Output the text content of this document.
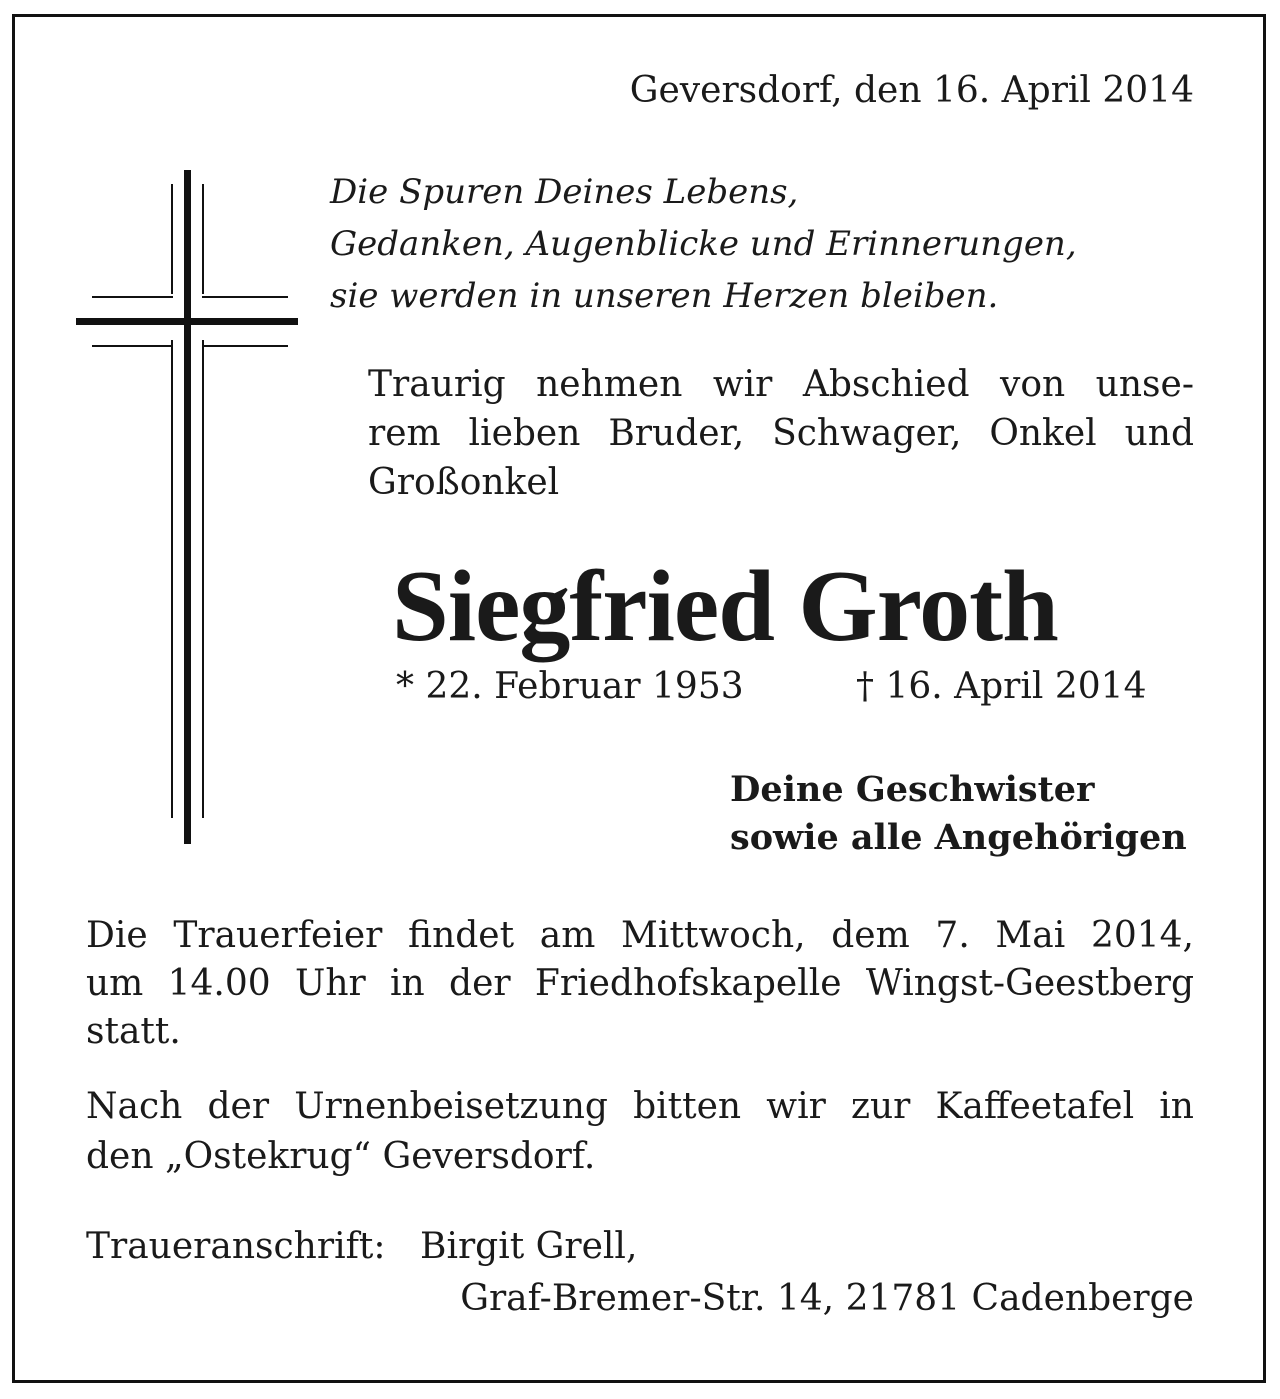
Geversdorf, den 16. April 2014
Die Spuren Deines Lebens,
Gedanken, Augenblicke und Erinnerungen,
sie werden in unseren Herzen bleiben.
Traurig nehmen wir Abschied von unse-
rem lieben Bruder, Schwager, Onkel und
Großonkel
Siegfried Groth
* 22. Februar 1953	† 16. April 2014
Deine Geschwister
sowie alle Angehörigen
Die Trauerfeier findet am Mittwoch, dem 7. Mai 2014,
um 14.00 Uhr in der Friedhofskapelle Wingst-Geestberg
statt.
Nach der Urnenbeisetzung bitten wir zur Kaffeetafel in
den „Ostekrug“ Geversdorf.
Traueranschrift: Birgit Grell,
Graf-Bremer-Str. 14, 21781 Cadenberge
